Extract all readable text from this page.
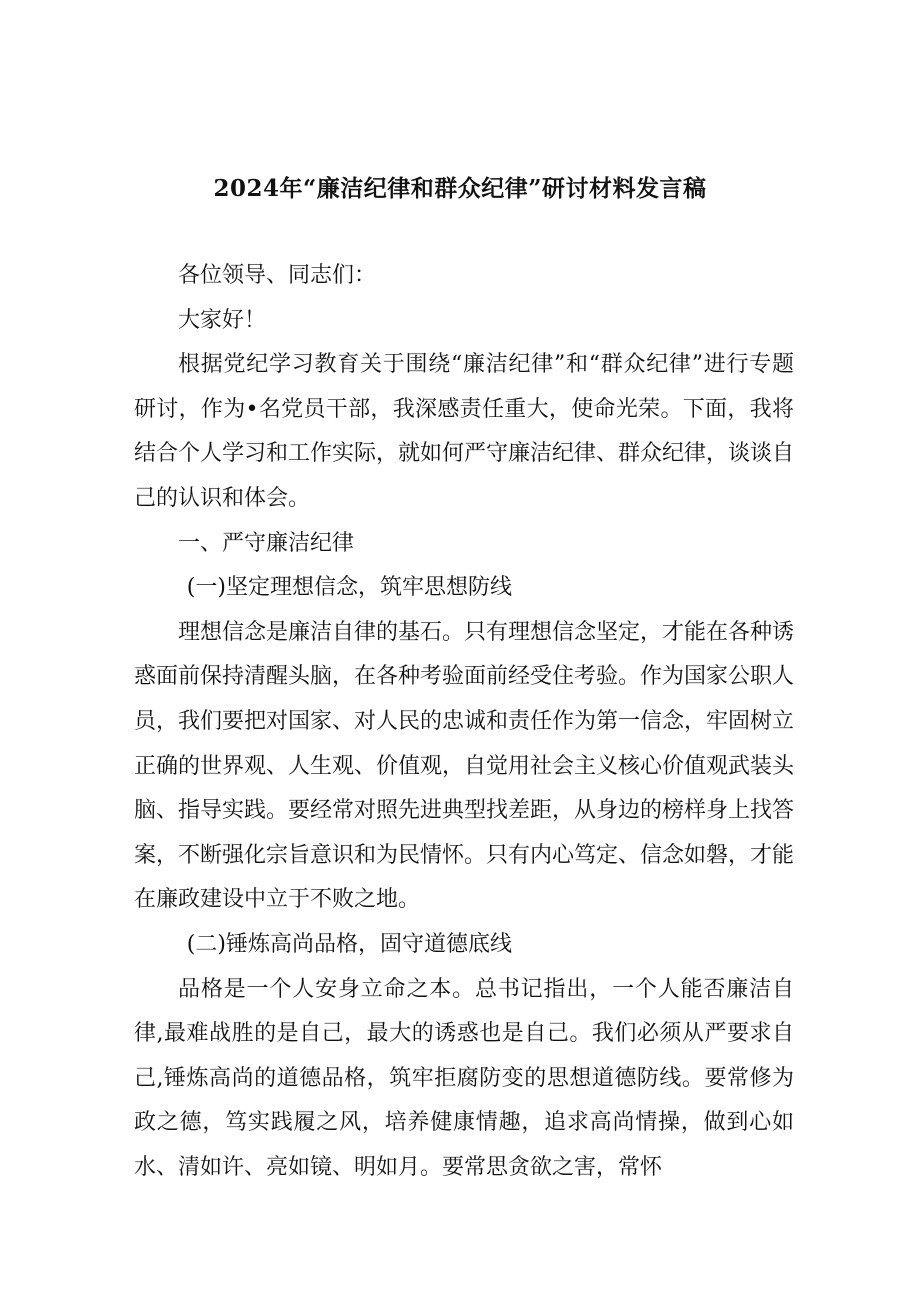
2024年“廉洁纪律和群众纪律”研讨材料发言稿

各位领导、同志们：

大家好！

根据党纪学习教育关于围绕“廉洁纪律”和“群众纪律”进行专题研讨，作为•名党员干部，我深感责任重大，使命光荣。下面，我将结合个人学习和工作实际，就如何严守廉洁纪律、群众纪律，谈谈自己的认识和体会。

一、严守廉洁纪律

(一)坚定理想信念，筑牢思想防线

理想信念是廉洁自律的基石。只有理想信念坚定，才能在各种诱惑面前保持清醒头脑，在各种考验面前经受住考验。作为国家公职人员，我们要把对国家、对人民的忠诚和责任作为第一信念，牢固树立正确的世界观、人生观、价值观，自觉用社会主义核心价值观武装头脑、指导实践。要经常对照先进典型找差距，从身边的榜样身上找答案，不断强化宗旨意识和为民情怀。只有内心笃定、信念如磐，才能在廉政建设中立于不败之地。

(二)锤炼高尚品格，固守道德底线

品格是一个人安身立命之本。总书记指出，一个人能否廉洁自律,最难战胜的是自己，最大的诱惑也是自己。我们必须从严要求自己,锤炼高尚的道德品格，筑牢拒腐防变的思想道德防线。要常修为政之德，笃实践履之风，培养健康情趣，追求高尚情操，做到心如水、清如许、亮如镜、明如月。要常思贪欲之害，常怀
